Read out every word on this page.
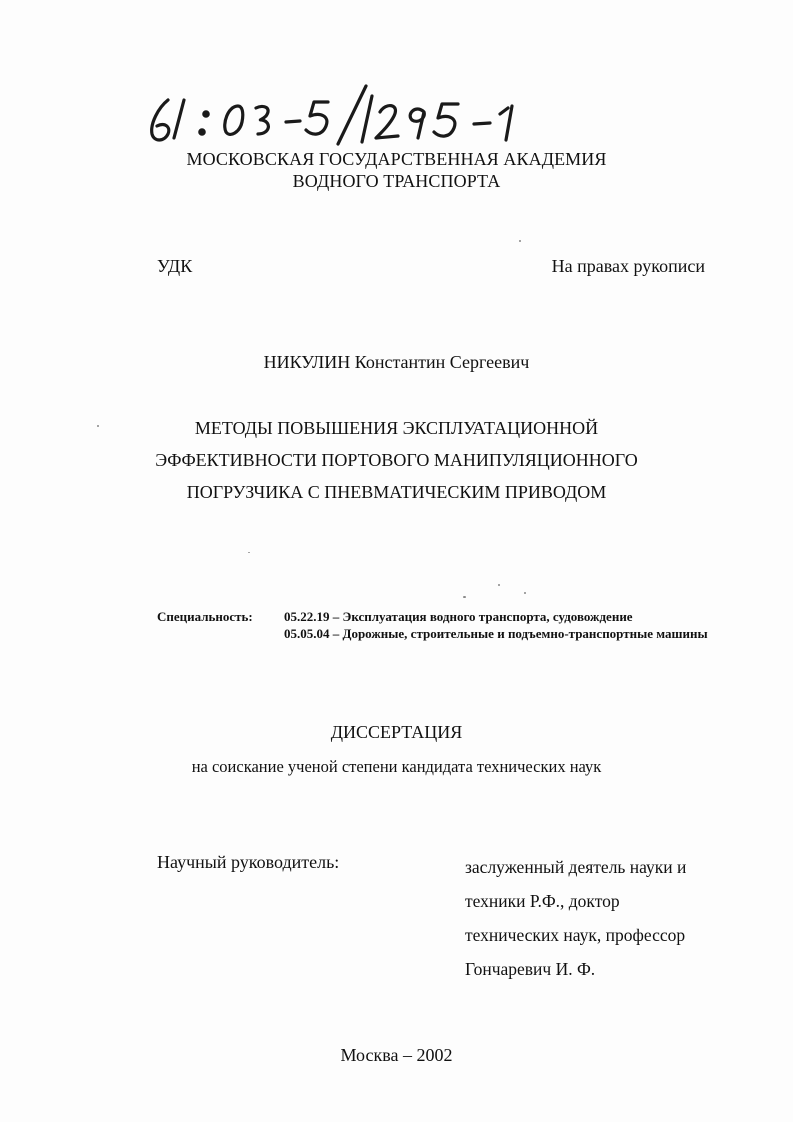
МОСКОВСКАЯ ГОСУДАРСТВЕННАЯ АКАДЕМИЯ
ВОДНОГО ТРАНСПОРТА
УДК	На правах рукописи
НИКУЛИН Константин Сергеевич
МЕТОДЫ ПОВЫШЕНИЯ ЭКСПЛУАТАЦИОННОЙ
ЭФФЕКТИВНОСТИ ПОРТОВОГО МАНИПУЛЯЦИОННОГО
ПОГРУЗЧИКА С ПНЕВМАТИЧЕСКИМ ПРИВОДОМ
Специальность: 05.22.19 – Эксплуатация водного транспорта, судовождение
05.05.04 – Дорожные, строительные и подъемно-транспортные машины
ДИССЕРТАЦИЯ
на соискание ученой степени кандидата технических наук
Научный руководитель:	заслуженный деятель науки и
техники Р.Ф., доктор
технических наук, профессор
Гончаревич И. Ф.
Москва – 2002
